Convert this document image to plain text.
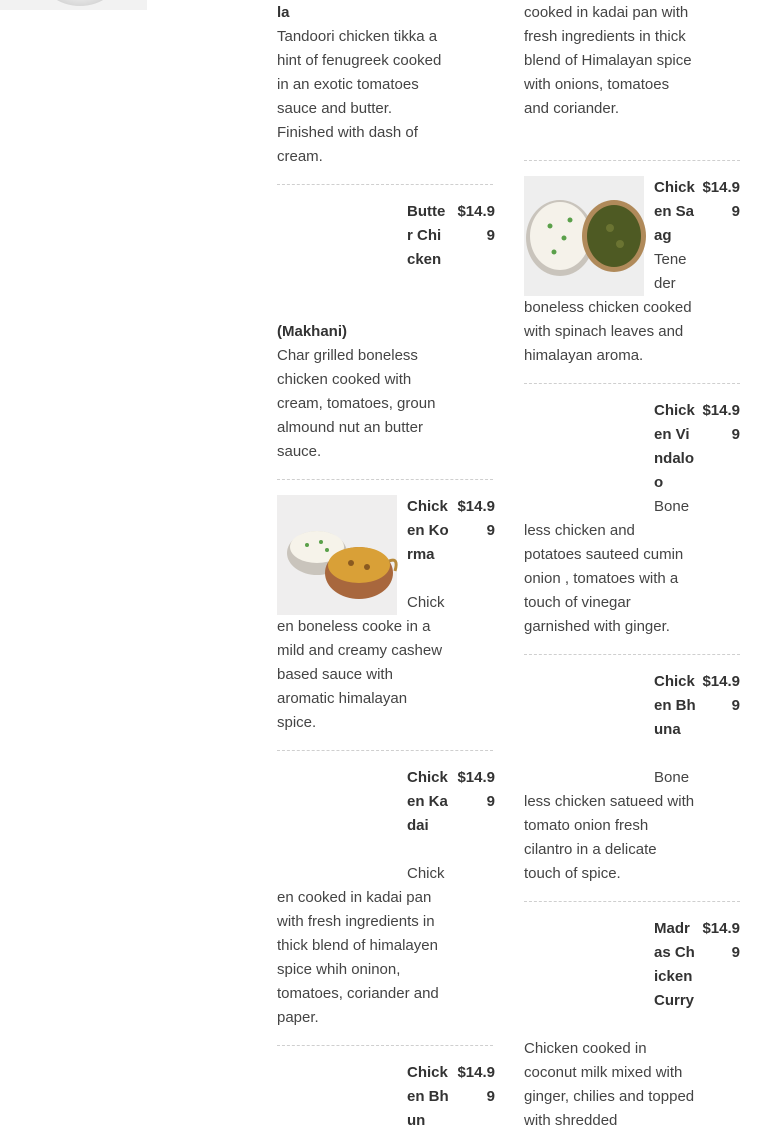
la
Tandoori chicken tikka a hint of fenugreek cooked in an exotic tomatoes sauce and butter. Finished with dash of cream.
Butter Chicken
$14.99
(Makhani)
Char grilled boneless chicken cooked with cream, tomatoes, groun almound nut an butter sauce.
Chicken Korma
$14.99
Chick
en boneless cooke in a mild and creamy cashew based sauce with aromatic himalayan spice.
Chicken Kadai
$14.99
Chick
en cooked in kadai pan with fresh ingredients in thick blend of himalayen spice whih oninon, tomatoes, coriander and paper.
Chicken Bhun
$14.99
cooked in kadai pan with fresh ingredients in thick blend of Himalayan spice with onions, tomatoes and coriander.
Chicken Saag
$14.99
Tene der
boneless chicken cooked with spinach leaves and himalayan aroma.
Chicken Vindaloo
$14.99
Bone
less chicken and potatoes sauteed cumin onion , tomatoes with a touch of vinegar garnished with ginger.
Chicken Bhuna
$14.99
Bone
less chicken satueed with tomato onion fresh cilantro in a delicate touch of spice.
Madras Chicken Curry
$14.99
Chicken cooked in coconut milk mixed with ginger, chilies and topped with shredded
